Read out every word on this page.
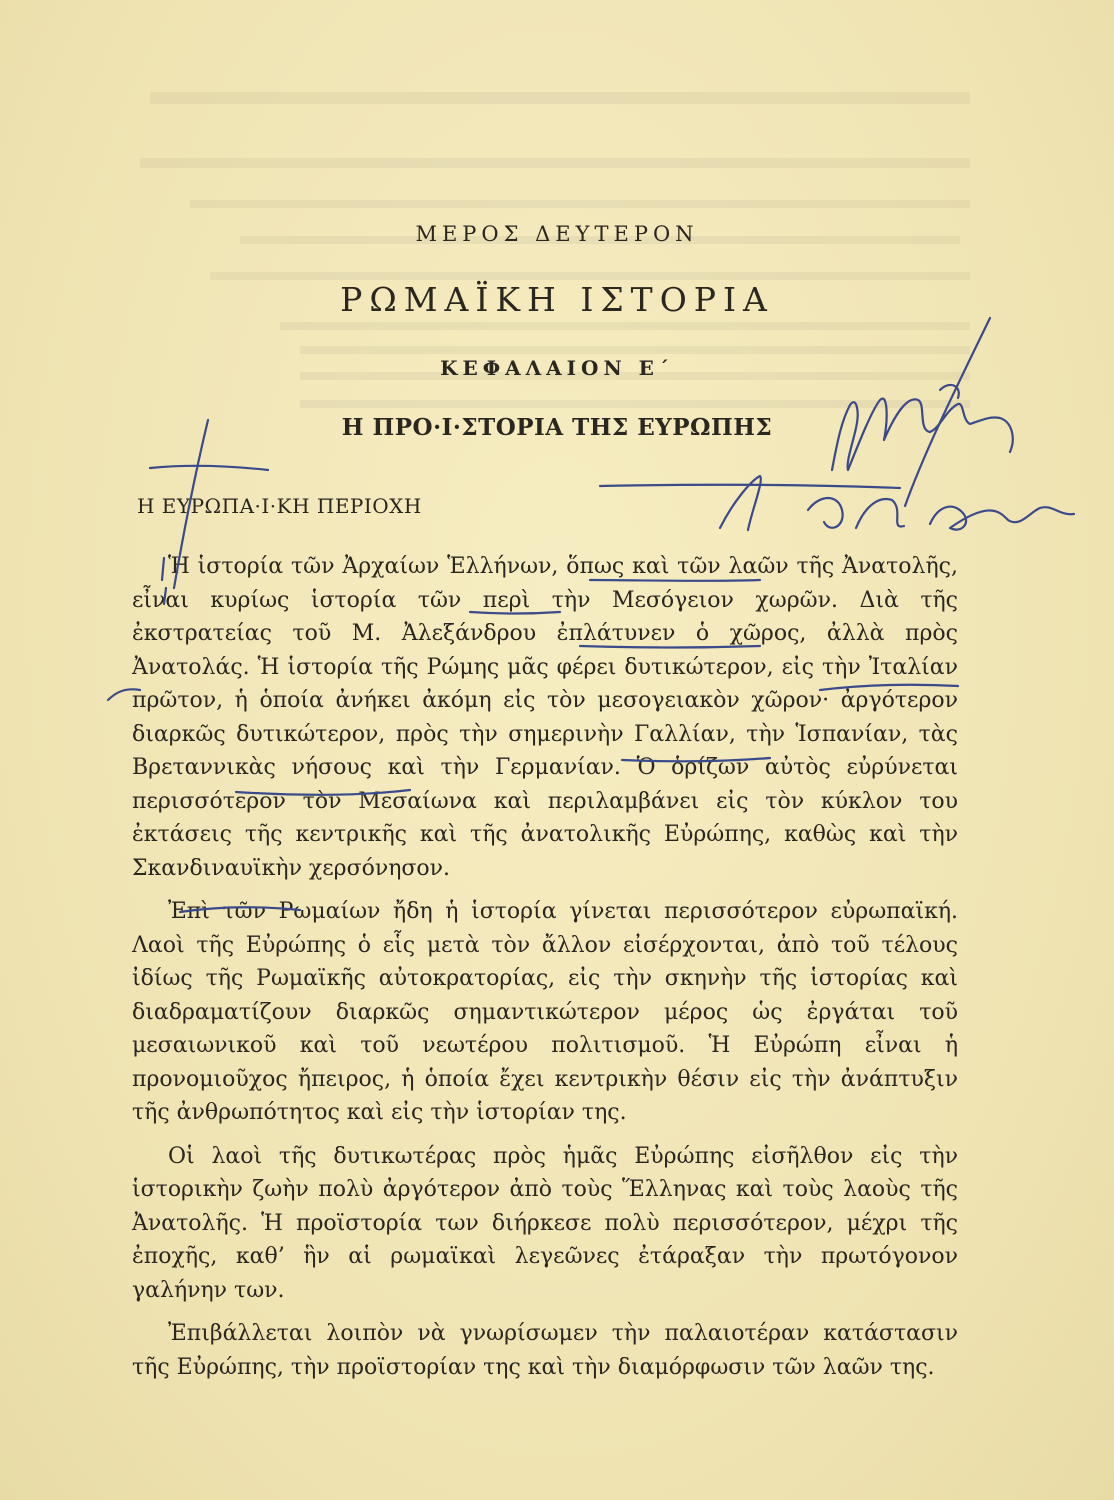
ΜΕΡΟΣ ΔΕΥΤΕΡΟΝ
ΡΩΜΑΪΚΗ ΙΣΤΟΡΙΑ
ΚΕΦΑΛΑΙΟΝ Ε΄
Η ΠΡΟ·Ι·ΣΤΟΡΙΑ ΤΗΣ ΕΥΡΩΠΗΣ
Η ΕΥΡΩΠΑ·Ι·ΚΗ ΠΕΡΙΟΧΗ

Ἡ ἱστορία τῶν Ἀρχαίων Ἑλλήνων, ὅπως καὶ τῶν λαῶν τῆς Ἀνατολῆς, εἶναι κυρίως ἱστορία τῶν περὶ τὴν Μεσόγειον χωρῶν. Διὰ τῆς ἐκστρατείας τοῦ Μ. Ἀλεξάνδρου ἐπλάτυνεν ὁ χῶρος, ἀλλὰ πρὸς Ἀνατολάς. Ἡ ἱστορία τῆς Ρώμης μᾶς φέρει δυτικώτερον, εἰς τὴν Ἰταλίαν πρῶτον, ἡ ὁποία ἀνήκει ἀκόμη εἰς τὸν μεσογειακὸν χῶρον· ἀργότερον διαρκῶς δυτικώτερον, πρὸς τὴν σημερινὴν Γαλλίαν, τὴν Ἱσπανίαν, τὰς Βρεταννικὰς νήσους καὶ τὴν Γερμανίαν. Ὁ ὁρίζων αὐτὸς εὐρύνεται περισσότερον τὸν Μεσαίωνα καὶ περιλαμβάνει εἰς τὸν κύκλον του ἐκτάσεις τῆς κεντρικῆς καὶ τῆς ἀνατολικῆς Εὐρώπης, καθὼς καὶ τὴν Σκανδιναυϊκὴν χερσόνησον.

Ἐπὶ τῶν Ρωμαίων ἤδη ἡ ἱστορία γίνεται περισσότερον εὐρωπαϊκή. Λαοὶ τῆς Εὐρώπης ὁ εἷς μετὰ τὸν ἄλλον εἰσέρχονται, ἀπὸ τοῦ τέλους ἰδίως τῆς Ρωμαϊκῆς αὐτοκρατορίας, εἰς τὴν σκηνὴν τῆς ἱστορίας καὶ διαδραματίζουν διαρκῶς σημαντικώτερον μέρος ὡς ἐργάται τοῦ μεσαιωνικοῦ καὶ τοῦ νεωτέρου πολιτισμοῦ. Ἡ Εὐρώπη εἶναι ἡ προνομιοῦχος ἤπειρος, ἡ ὁποία ἔχει κεντρικὴν θέσιν εἰς τὴν ἀνάπτυξιν τῆς ἀνθρωπότητος καὶ εἰς τὴν ἱστορίαν της.

Οἱ λαοὶ τῆς δυτικωτέρας πρὸς ἡμᾶς Εὐρώπης εἰσῆλθον εἰς τὴν ἱστορικὴν ζωὴν πολὺ ἀργότερον ἀπὸ τοὺς Ἕλληνας καὶ τοὺς λαοὺς τῆς Ἀνατολῆς. Ἡ προϊστορία των διήρκεσε πολὺ περισσότερον, μέχρι τῆς ἐποχῆς, καθ’ ἣν αἱ ρωμαϊκαὶ λεγεῶνες ἐτάραξαν τὴν πρωτόγονον γαλήνην των.

Ἐπιβάλλεται λοιπὸν νὰ γνωρίσωμεν τὴν παλαιοτέραν κατάστασιν τῆς Εὐρώπης, τὴν προϊστορίαν της καὶ τὴν διαμόρφωσιν τῶν λαῶν της.
